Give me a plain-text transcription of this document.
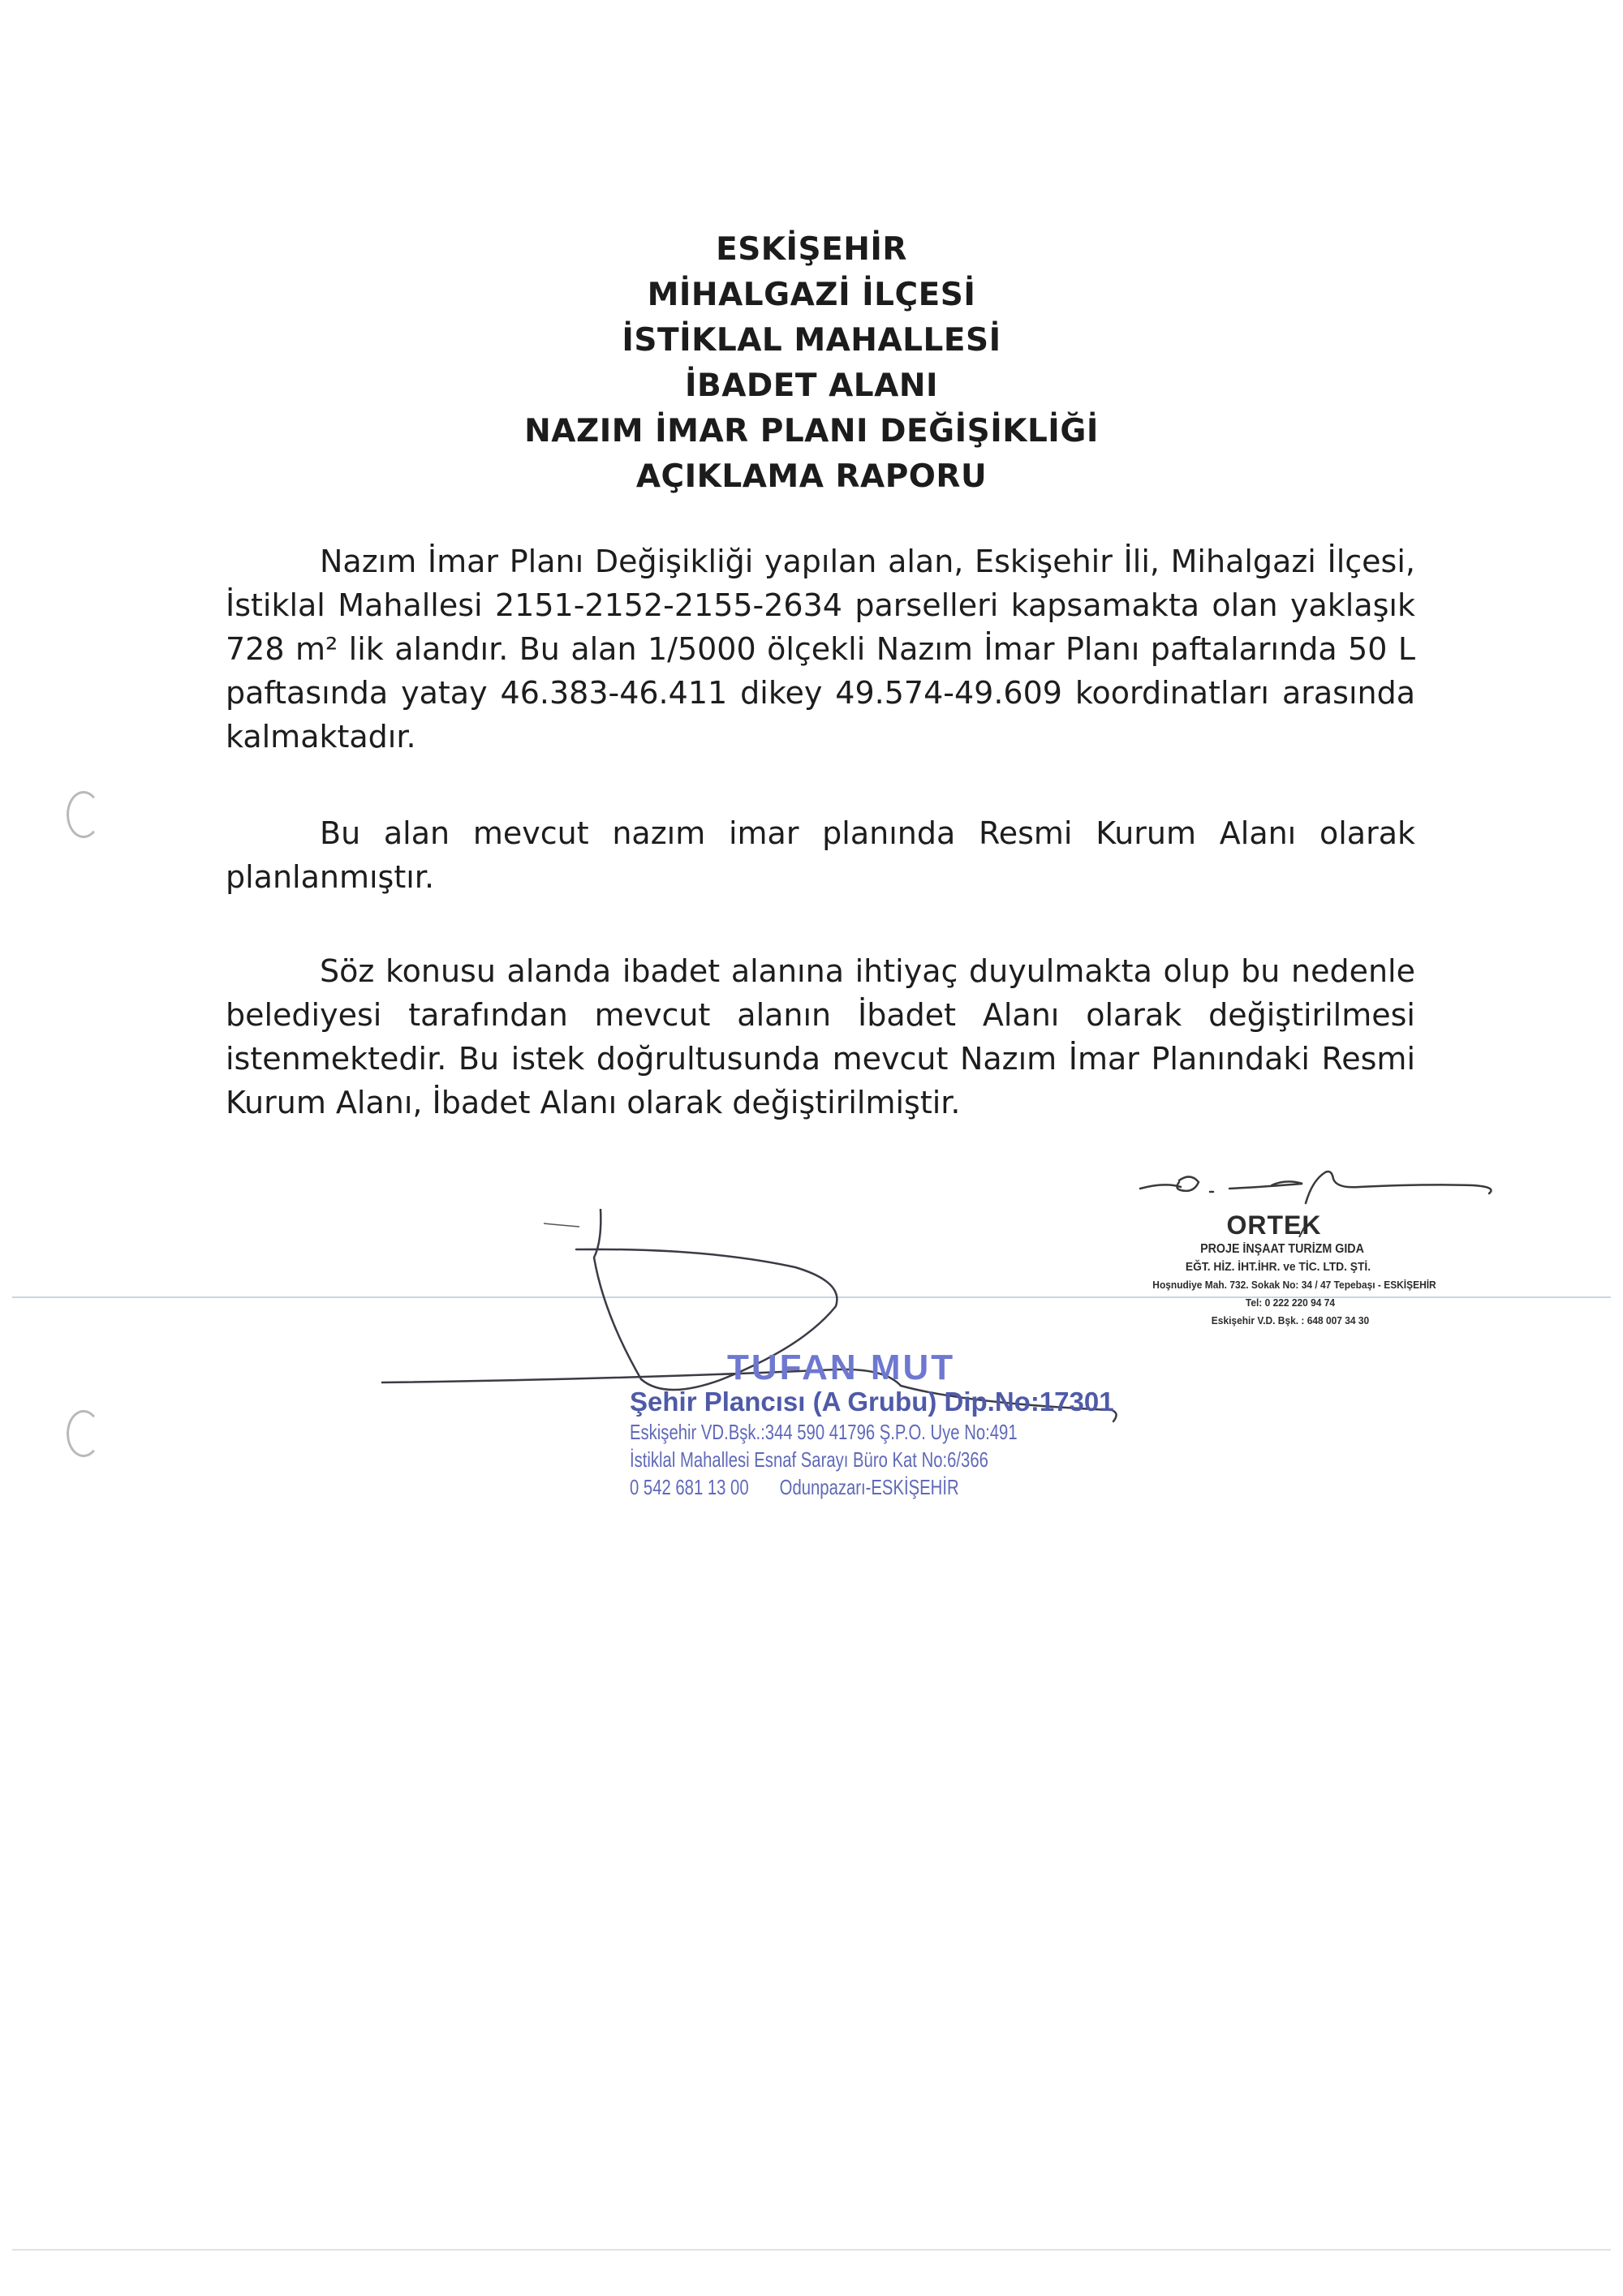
ESKİŞEHİR
MİHALGAZİ İLÇESİ
İSTİKLAL MAHALLESİ
İBADET ALANI
NAZIM İMAR PLANI DEĞİŞİKLİĞİ
AÇIKLAMA RAPORU
Nazım İmar Planı Değişikliği yapılan alan, Eskişehir İli, Mihalgazi İlçesi, İstiklal Mahallesi 2151-2152-2155-2634 parselleri kapsamakta olan yaklaşık 728 m² lik alandır. Bu alan 1/5000 ölçekli Nazım İmar Planı paftalarında 50 L paftasında yatay 46.383-46.411 dikey 49.574-49.609 koordinatları arasında kalmaktadır.
Bu alan mevcut nazım imar planında Resmi Kurum Alanı olarak planlanmıştır.
Söz konusu alanda ibadet alanına ihtiyaç duyulmakta olup bu nedenle belediyesi tarafından mevcut alanın İbadet Alanı olarak değiştirilmesi istenmektedir. Bu istek doğrultusunda mevcut Nazım İmar Planındaki Resmi Kurum Alanı, İbadet Alanı olarak değiştirilmiştir.
ORTEK
PROJE İNŞAAT TURİZM GIDA
EĞT. HİZ. İHT.İHR. ve TİC. LTD. ŞTİ.
Hoşnudiye Mah. 732. Sokak No: 34 / 47 Tepebaşı - ESKİŞEHİR
Tel: 0 222 220 94 74
Eskişehir V.D. Bşk. : 648 007 34 30
TUFAN MUT
Şehir Plancısı (A Grubu) Dip.No:17301
Eskişehir VD.Bşk.:344 590 41796 Ş.P.O. Uye No:491
İstiklal Mahallesi Esnaf Sarayı Büro Kat No:6/366
0 542 681 13 00 Odunpazarı-ESKİŞEHİR
